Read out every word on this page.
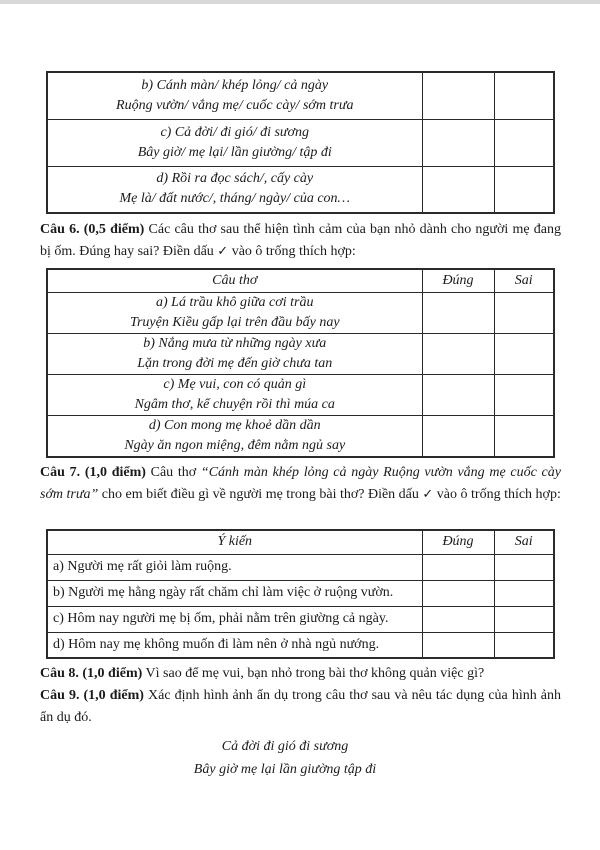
b) Cánh màn/ khép lỏng/ cả ngày
Ruộng vườn/ vắng mẹ/ cuốc cày/ sớm trưa		

c) Cả đời/ đi gió/ đi sương
Bây giờ/ mẹ lại/ lần giường/ tập đi		

d) Rồi ra đọc sách/, cấy cày
Mẹ là/ đất nước/, tháng/ ngày/ của con…		

Câu 6. (0,5 điểm) Các câu thơ sau thể hiện tình cảm của bạn nhỏ dành cho người mẹ đang bị ốm. Đúng hay sai? Điền dấu ✓ vào ô trống thích hợp:
Câu thơ	Đúng	Sai

a) Lá trầu khô giữa cơi trầu
Truyện Kiều gấp lại trên đầu bấy nay		

b) Nắng mưa từ những ngày xưa
Lặn trong đời mẹ đến giờ chưa tan		

c) Mẹ vui, con có quản gì
Ngâm thơ, kể chuyện rồi thì múa ca		

d) Con mong mẹ khoẻ dần dần
Ngày ăn ngon miệng, đêm nằm ngủ say		

Câu 7. (1,0 điểm) Câu thơ “Cánh màn khép lỏng cả ngày Ruộng vườn vắng mẹ cuốc cày sớm trưa” cho em biết điều gì về người mẹ trong bài thơ? Điền dấu ✓ vào ô trống thích hợp:
Ý kiến	Đúng	Sai
a) Người mẹ rất giỏi làm ruộng.		
b) Người mẹ hằng ngày rất chăm chỉ làm việc ở ruộng vườn.		
c) Hôm nay người mẹ bị ốm, phải nằm trên giường cả ngày.		
d) Hôm nay mẹ không muốn đi làm nên ở nhà ngủ nướng.		
Câu 8. (1,0 điểm) Vì sao để mẹ vui, bạn nhỏ trong bài thơ không quản việc gì?
Câu 9. (1,0 điểm) Xác định hình ảnh ẩn dụ trong câu thơ sau và nêu tác dụng của hình ảnh ẩn dụ đó.
Cả đời đi gió đi sương
Bây giờ mẹ lại lần giường tập đi
